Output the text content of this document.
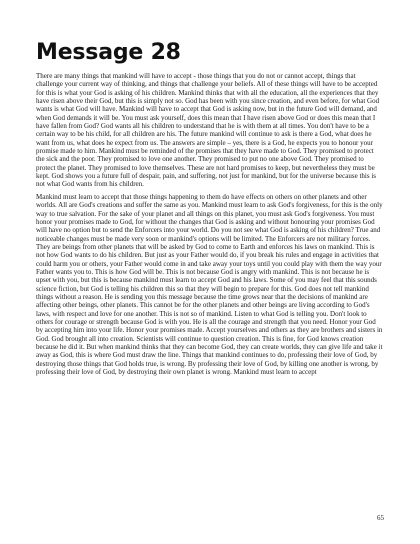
Message 28

There are many things that mankind will have to accept - those things that you do not or cannot accept, things that challenge your current way of thinking, and things that challenge your beliefs. All of these things will have to be accepted for this is what your God is asking of his children. Mankind thinks that with all the education, all the experiences that they have risen above their God, but this is simply not so. God has been with you since creation, and even before, for what God wants is what God will have. Mankind will have to accept that God is asking now, but in the future God will demand, and when God demands it will be. You must ask yourself, does this mean that I have risen above God or does this mean that I have fallen from God? God wants all his children to understand that he is with them at all times. You don't have to be a certain way to be his child, for all children are his. The future mankind will continue to ask is there a God, what does he want from us, what does he expect from us. The answers are simple – yes, there is a God, he expects you to honour your promise made to him. Mankind must be reminded of the promises that they have made to God. They promised to protect the sick and the poor. They promised to love one another. They promised to put no one above God. They promised to protect the planet. They promised to love themselves. These are not hard promises to keep, but nevertheless they must be kept. God shows you a future full of despair, pain, and suffering, not just for mankind, but for the universe because this is not what God wants from his children.

Mankind must learn to accept that those things happening to them do have effects on others on other planets and other worlds. All are God's creations and suffer the same as you. Mankind must learn to ask God's forgiveness, for this is the only way to true salvation. For the sake of your planet and all things on this planet, you must ask God's forgiveness. You must honor your promises made to God, for without the changes that God is asking and without honouring your promises God will have no option but to send the Enforcers into your world. Do you not see what God is asking of his children? True and noticeable changes must be made very soon or mankind's options will be limited. The Enforcers are not military forces. They are beings from other planets that will be asked by God to come to Earth and enforces his laws on mankind. This is not how God wants to do his children. But just as your Father would do, if you break his rules and engage in activities that could harm you or others, your Father would come in and take away your toys until you could play with them the way your Father wants you to. This is how God will be. This is not because God is angry with mankind. This is not because he is upset with you, but this is because mankind must learn to accept God and his laws. Some of you may feel that this sounds science fiction, but God is telling his children this so that they will begin to prepare for this. God does not tell mankind things without a reason. He is sending you this message because the time grows near that the decisions of mankind are affecting other beings, other planets. This cannot be for the other planets and other beings are living according to God's laws, with respect and love for one another. This is not so of mankind. Listen to what God is telling you. Don't look to others for courage or strength because God is with you. He is all the courage and strength that you need. Honor your God by accepting him into your life. Honor your promises made. Accept yourselves and others as they are brothers and sisters in God. God brought all into creation. Scientists will continue to question creation. This is fine, for God knows creation because he did it. But when mankind thinks that they can become God, they can create worlds, they can give life and take it away as God, this is where God must draw the line. Things that mankind continues to do, professing their love of God, by destroying those things that God holds true, is wrong. By professing their love of God, by killing one another is wrong, by professing their love of God, by destroying their own planet is wrong. Mankind must learn to accept

65
